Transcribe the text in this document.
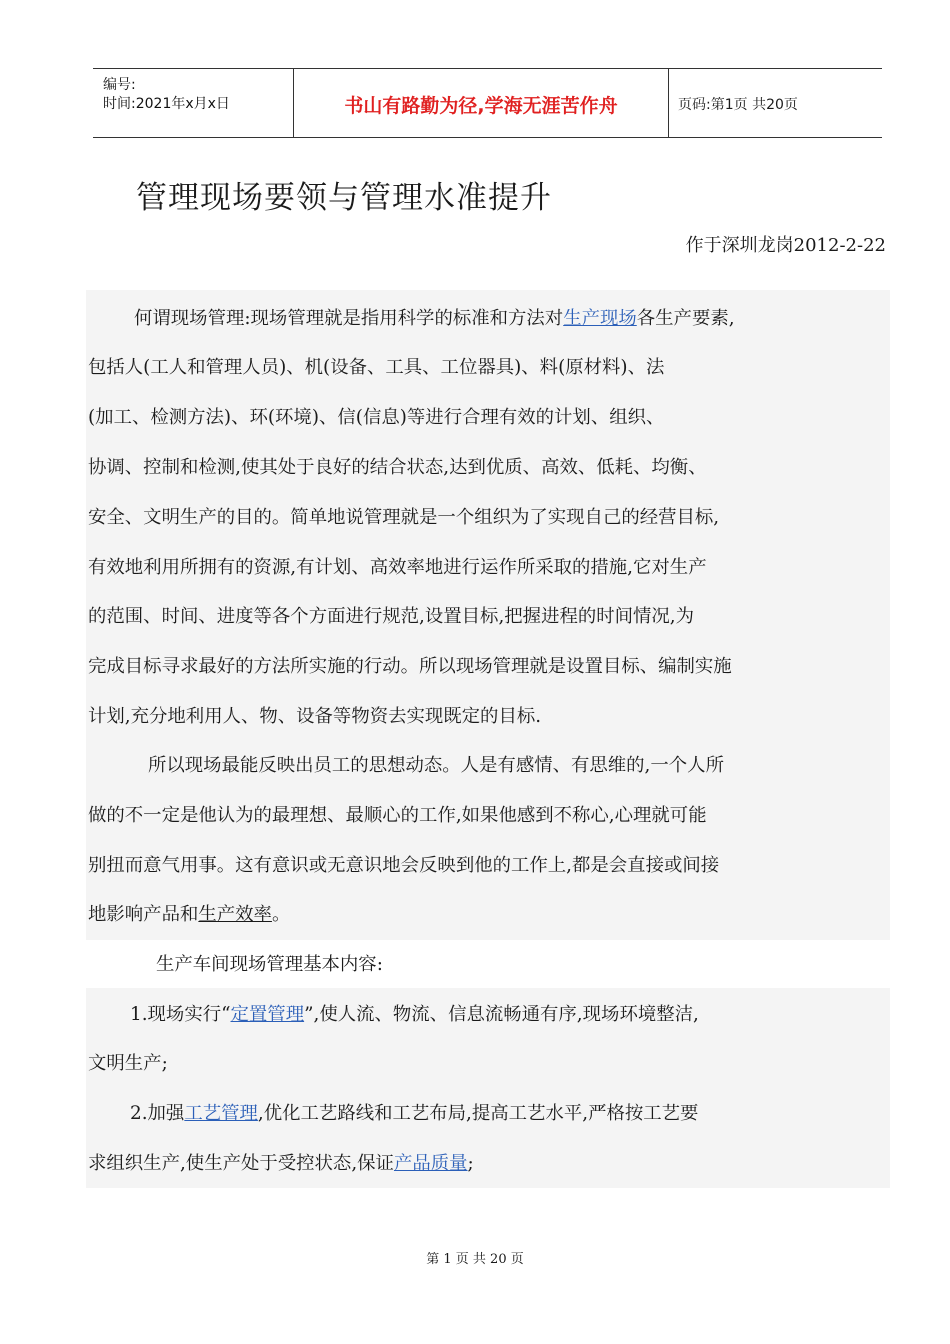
编号:
时间:2021年x月x日	书山有路勤为径,学海无涯苦作舟	页码:第1页 共20页
管理现场要领与管理水准提升
作于深圳龙岗2012-2-22
何谓现场管理:现场管理就是指用科学的标准和方法对生产现场各生产要素,
包括人(工人和管理人员)、机(设备、工具、工位器具)、料(原材料)、法
(加工、检测方法)、环(环境)、信(信息)等进行合理有效的计划、组织、
协调、控制和检测,使其处于良好的结合状态,达到优质、高效、低耗、均衡、
安全、文明生产的目的。简单地说管理就是一个组织为了实现自己的经营目标,
有效地利用所拥有的资源,有计划、高效率地进行运作所采取的措施,它对生产
的范围、时间、进度等各个方面进行规范,设置目标,把握进程的时间情况,为
完成目标寻求最好的方法所实施的行动。所以现场管理就是设置目标、编制实施
计划,充分地利用人、物、设备等物资去实现既定的目标.
所以现场最能反映出员工的思想动态。人是有感情、有思维的,一个人所
做的不一定是他认为的最理想、最顺心的工作,如果他感到不称心,心理就可能
别扭而意气用事。这有意识或无意识地会反映到他的工作上,都是会直接或间接
地影响产品和生产效率。
生产车间现场管理基本内容:
1.现场实行“定置管理”,使人流、物流、信息流畅通有序,现场环境整洁,
文明生产;
2.加强工艺管理,优化工艺路线和工艺布局,提高工艺水平,严格按工艺要
求组织生产,使生产处于受控状态,保证产品质量;
第 1 页 共 20 页
